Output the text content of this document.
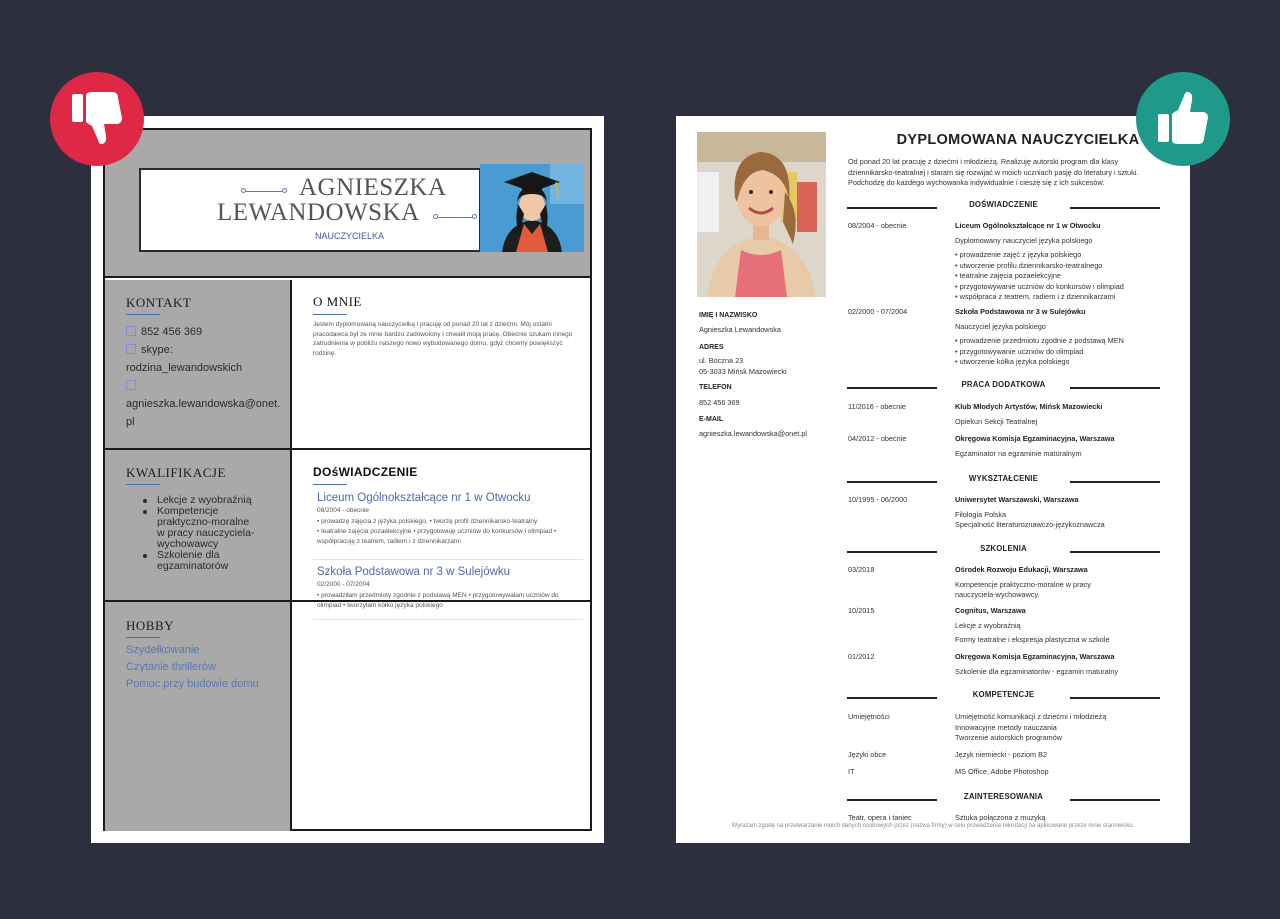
AGNIESZKA
LEWANDOWSKA
NAUCZYCIELKA
KONTAKT
852 456 369
skype:
rodzina_lewandowskich
agnieszka.lewandowska@onet.
pl
KWALIFIKACJE
Lekcje z wyobraźnią
Kompetencje praktyczno-moralne w pracy nauczyciela-wychowawcy
Szkolenie dla egzaminatorów
HOBBY
Szydełkowanie
Czytanie thrillerów
Pomoc przy budowie domu
O MNIE
Jestem dyplomowaną nauczycielką i pracuję od ponad 20 lat z dziećmi. Mój ostatni pracodawca był ze mnie bardzo zadowolony i chwalił moją pracę. Obecnie szukam innego zatrudnienia w pobliżu naszego nowo wybudowanego domu, gdyż chcemy powiększyć rodzinę.
DOśWIADCZENIE
Liceum Ogólnokształcące nr 1 w Otwocku
08/2004 - obecnie
• prowadzę zajęcia z języka polskiego, • tworzę profil dziennikarsko-teatralny
• teatralne zajęcia pozaelekcyjne • przygotowuję uczniów do konkursów i olimpiad • współpracuję z teatrem, radiem i z dziennikarzami
Szkoła Podstawowa nr 3 w Sulejówku
02/2000 - 07/2004
• prowadziłam przedmioty zgodnie z podstawą MEN • przygotowywałam uczniów do olimpiad • tworzyłam kółko języka polskiego
DYPLOMOWANA NAUCZYCIELKA
Od ponad 20 lat pracuję z dziećmi i młodzieżą. Realizuję autorski program dla klasy dziennikarsko-teatralnej i staram się rozwijać w moich uczniach pasję do literatury i sztuki. Podchodzę do każdego wychowanka indywidualnie i cieszę się z ich sukcesów.
IMIĘ I NAZWISKO
Agnieszka Lewandowska
ADRES
ul. Boczna 23
05-3033 Mińsk Mazowiecki
TELEFON
852 456 369
E-MAIL
agnieszka.lewandowska@onet.pl
DOŚWIADCZENIE
08/2004 - obecnie	Liceum Ogólnokształcące nr 1 w Otwocku

Dyplomowany nauczyciel języka polskiego
• prowadzenie zajęć z języka polskiego
• utworzenie profilu dziennikarsko-teatralnego
• teatralne zajęcia pozaelekcyjne
• przygotowywanie uczniów do konkursów i olimpiad
• współpraca z teatrem, radiem i z dziennikarzami
02/2000 - 07/2004	Szkoła Podstawowa nr 3 w Sulejówku

Nauczyciel języka polskiego
• prowadzenie przedmiotu zgodnie z podstawą MEN
• przygotowywanie uczniów do olimpiad
• utworzenie kółka języka polskiego
PRACA DODATKOWA
11/2016 - obecnie	Klub Młodych Artystów, Mińsk Mazowiecki
Opiekun Sekcji Teatralnej
04/2012 - obecnie	Okręgowa Komisja Egzaminacyjna, Warszawa
Egzaminator na egzaminie maturalnym
WYKSZTAŁCENIE
10/1995 - 06/2000	Uniwersytet Warszawski, Warszawa
Filologia Polska
Specjalność literaturoznawczo-językoznawcza
SZKOLENIA
03/2018	Ośrodek Rozwoju Edukacji, Warszawa
Kompetencje praktyczno-moralne w pracy
nauczyciela-wychowawcy.
10/2015	Cognitus, Warszawa
Lekcje z wyobraźnią
Formy teatralne i ekspresja plastyczna w szkole
01/2012	Okręgowa Komisja Egzaminacyjna, Warszawa
Szkolenie dla egzaminatorów - egzamin maturalny
KOMPETENCJE
Umiejętności	Umiejętność komunikacji z dziećmi i młodzieżą
Innowacyjne metody nauczania
Tworzenie autorskich programów
Języki obce	Język niemiecki - poziom B2
IT	MS Office, Adobe Photoshop
ZAINTERESOWANIA
Teatr, opera i taniec	Sztuka połączona z muzyką
Wyrażam zgodę na przetwarzanie moich danych osobowych przez (nazwa firmy) w celu prowadzenia rekrutacji na aplikowane przeze mnie stanowisko.
